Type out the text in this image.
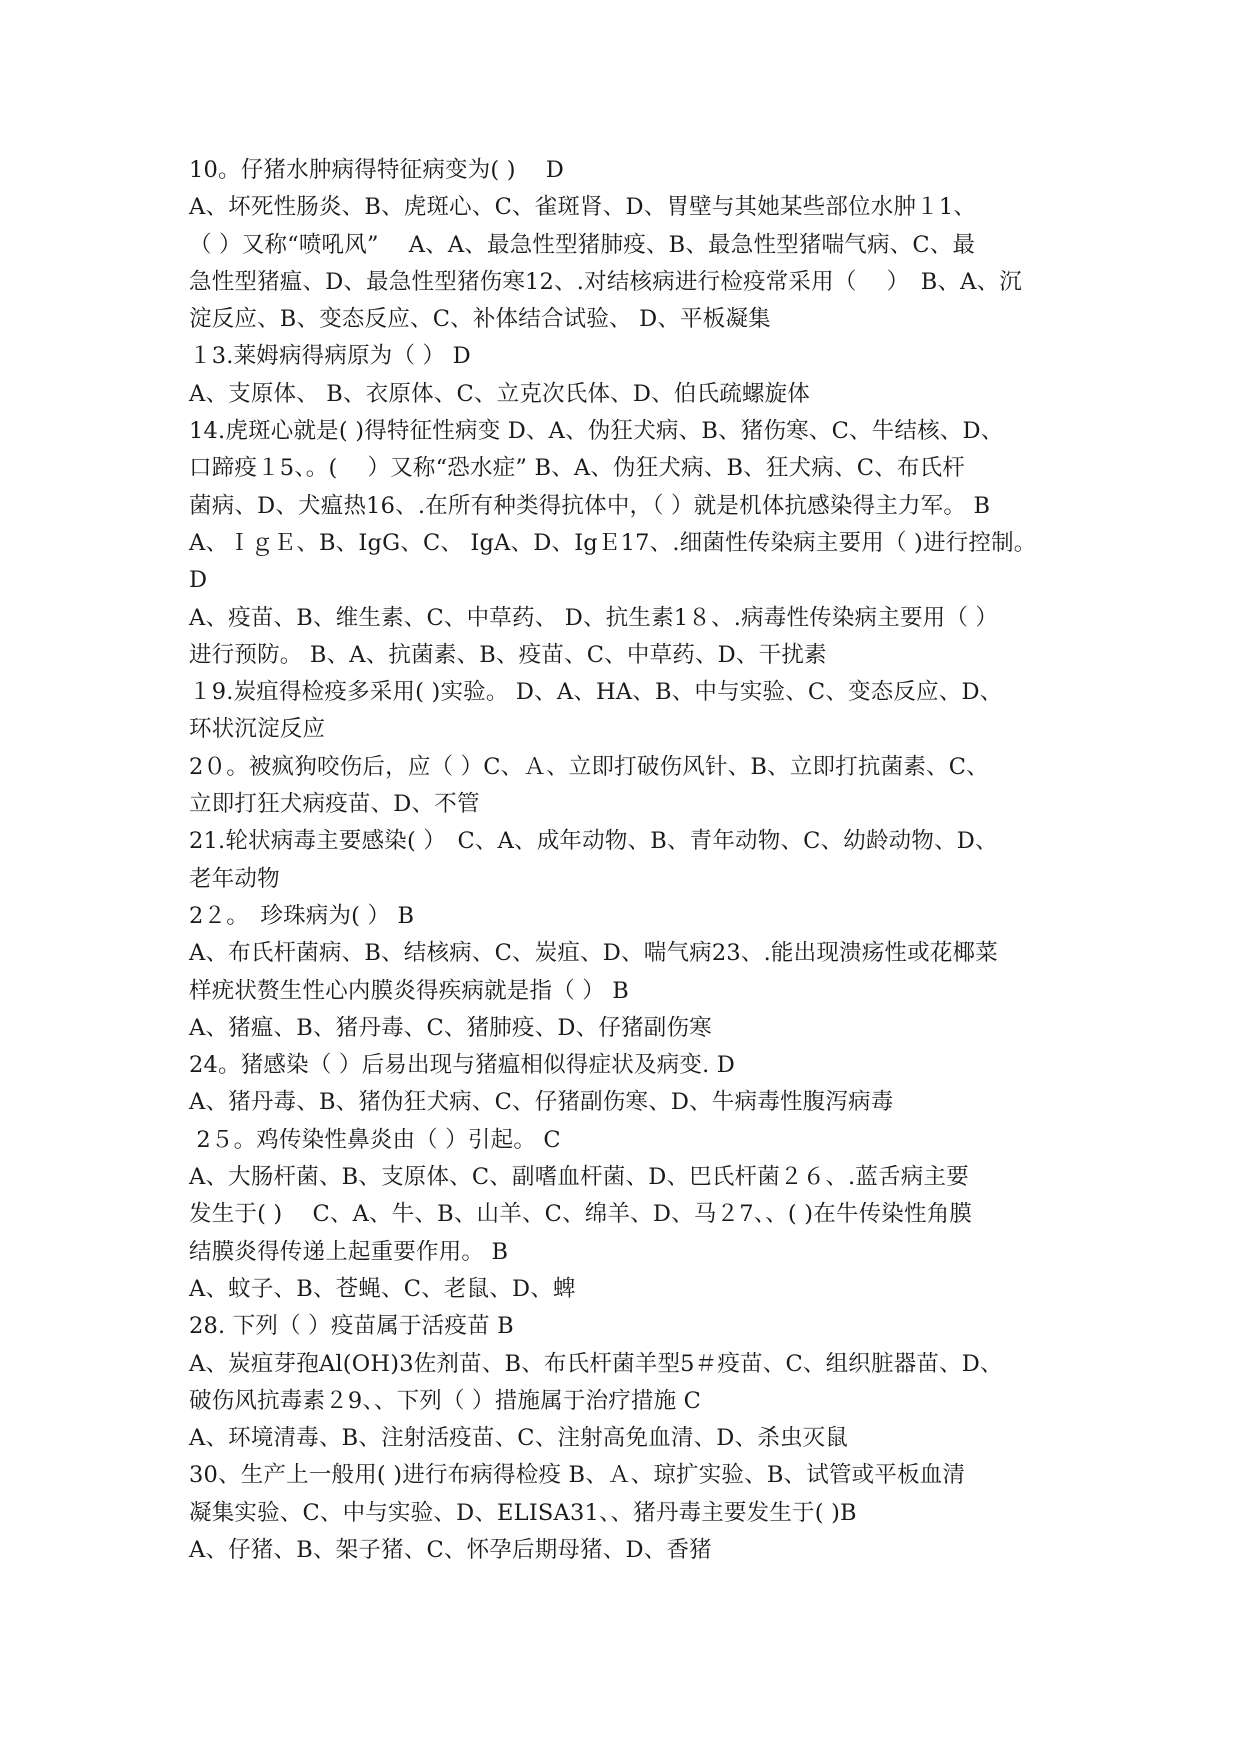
10。仔猪水肿病得特征病变为( )　 D
A、坏死性肠炎、B、虎斑心、C、雀斑肾、D、胃壁与其她某些部位水肿１1、
（ ）又称“喷吼风”　 A、A、最急性型猪肺疫、B、最急性型猪喘气病、C、最
急性型猪瘟、D、最急性型猪伤寒12、.对结核病进行检疫常采用（　 ）　B、A、沉
淀反应、B、变态反应、C、补体结合试验、 D、平板凝集
１3.莱姆病得病原为（ ） D
A、支原体、 B、衣原体、C、立克次氏体、D、伯氏疏螺旋体
14.虎斑心就是( )得特征性病变 D、A、伪狂犬病、B、猪伤寒、C、牛结核、D、
口蹄疫１5、。(　 ）又称“恐水症” B、A、伪狂犬病、B、狂犬病、C、布氏杆
菌病、D、犬瘟热16、.在所有种类得抗体中，（ ）就是机体抗感染得主力军。 B
A、ＩｇＥ、B、IgG、C、 IgA、D、IgＥ17、.细菌性传染病主要用（ )进行控制。
D
A、疫苗、B、维生素、C、中草药、 D、抗生素1８、.病毒性传染病主要用（ ）
进行预防。 B、A、抗菌素、B、疫苗、C、中草药、D、干扰素
１9.炭疽得检疫多采用( )实验。 D、A、HA、B、中与实验、C、变态反应、D、
环状沉淀反应
2０。被疯狗咬伤后，应（ ）C、Ａ、立即打破伤风针、B、立即打抗菌素、C、
立即打狂犬病疫苗、D、不管
21.轮状病毒主要感染( ）　C、A、成年动物、B、青年动物、C、幼龄动物、D、
老年动物
2２。　珍珠病为( ） B
A、布氏杆菌病、B、结核病、C、炭疽、D、喘气病23、.能出现溃疡性或花椰菜
样疣状赘生性心内膜炎得疾病就是指（ ） B
A、猪瘟、B、猪丹毒、C、猪肺疫、D、仔猪副伤寒
24。猪感染（ ）后易出现与猪瘟相似得症状及病变. D
A、猪丹毒、B、猪伪狂犬病、C、仔猪副伤寒、D、牛病毒性腹泻病毒
2５。鸡传染性鼻炎由（ ）引起。 C
A、大肠杆菌、B、支原体、C、副嗜血杆菌、D、巴氏杆菌２６、.蓝舌病主要
发生于( )　 C、A、牛、B、山羊、C、绵羊、D、马２7、、( )在牛传染性角膜
结膜炎得传递上起重要作用。 B
A、蚊子、B、苍蝇、C、老鼠、D、蜱
28. 下列（ ）疫苗属于活疫苗 B
A、炭疽芽孢Al(OH)3佐剂苗、B、布氏杆菌羊型5＃疫苗、C、组织脏器苗、D、
破伤风抗毒素２9、、下列（ ）措施属于治疗措施 C
A、环境清毒、B、注射活疫苗、C、注射高免血清、D、杀虫灭鼠
30、生产上一般用( )进行布病得检疫 B、Ａ、琼扩实验、B、试管或平板血清
凝集实验、C、中与实验、D、ELISA31、、猪丹毒主要发生于( )B
A、仔猪、B、架子猪、C、怀孕后期母猪、D、香猪
